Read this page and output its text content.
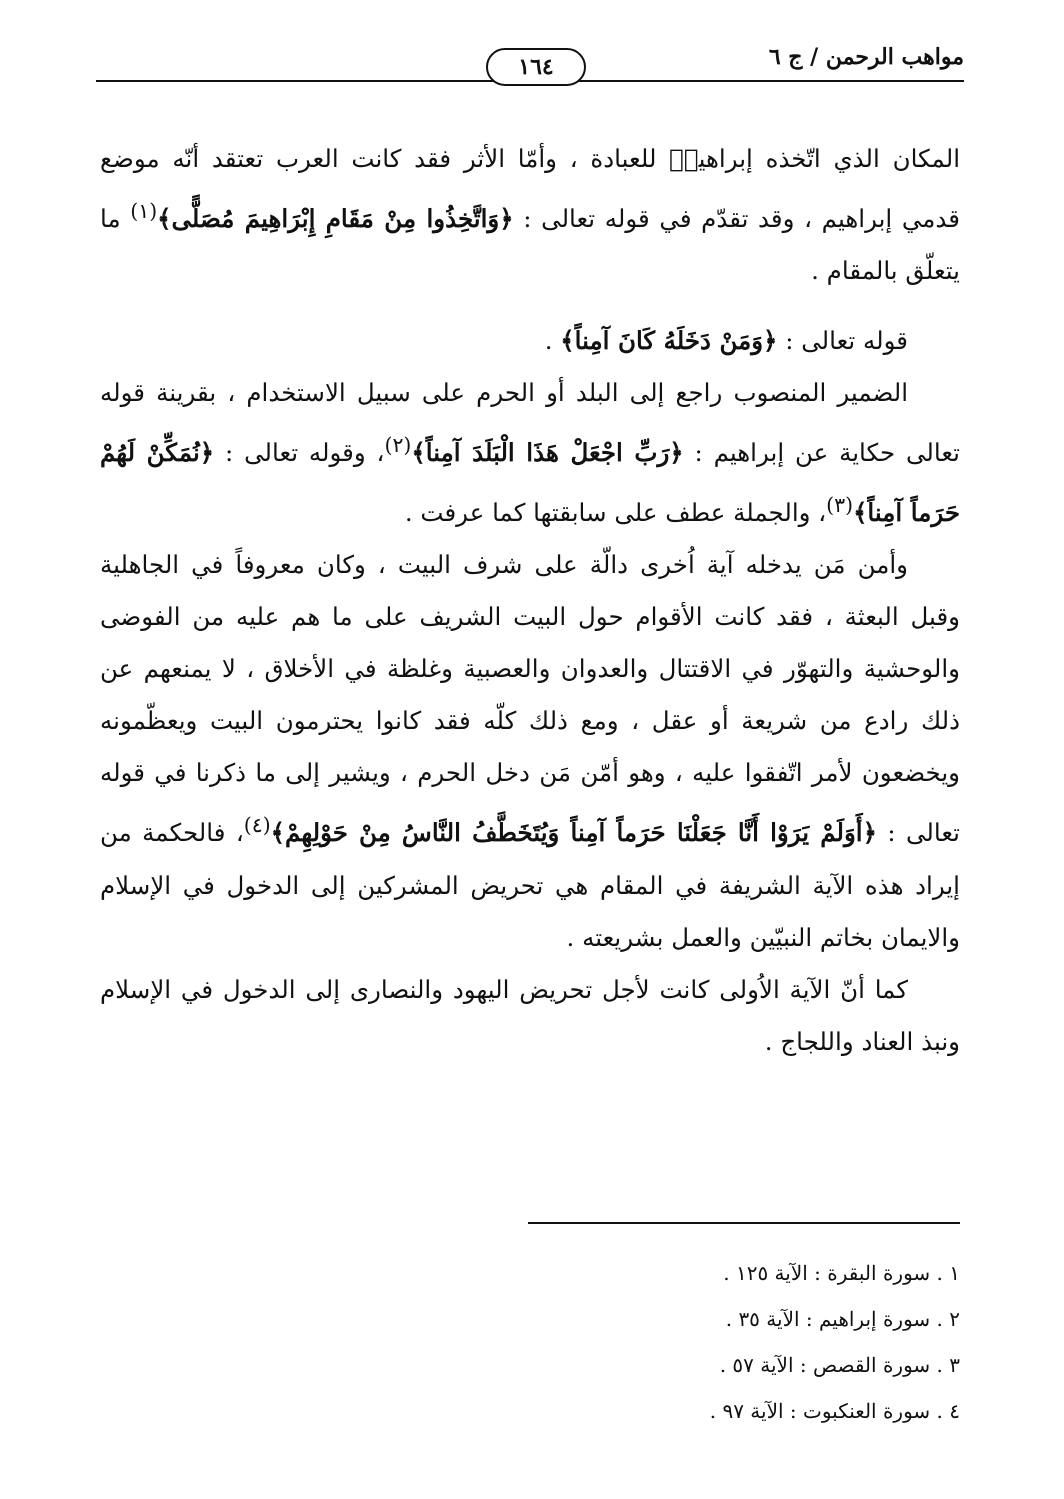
مواهب الرحمن / ج ٦
١٦٤

المكان الذي اتّخذه إبراهيمؐ للعبادة ، وأمّا الأثر فقد كانت العرب تعتقد أنّه موضع قدمي إبراهيم ، وقد تقدّم في قوله تعالى : ﴿وَاتَّخِذُوا مِنْ مَقَامِ إِبْرَاهِيمَ مُصَلًّى﴾$^{(١)}$ ما يتعلّق بالمقام .

قوله تعالى : ﴿وَمَنْ دَخَلَهُ كَانَ آمِناً﴾ .

الضمير المنصوب راجع إلى البلد أو الحرم على سبيل الاستخدام ، بقرينة قوله تعالى حكاية عن إبراهيم : ﴿رَبِّ اجْعَلْ هَذَا الْبَلَدَ آمِناً﴾$^{(٢)}$، وقوله تعالى : ﴿نُمَكِّنْ لَهُمْ حَرَماً آمِناً﴾$^{(٣)}$، والجملة عطف على سابقتها كما عرفت .

وأمن مَن يدخله آية اُخرى دالّة على شرف البيت ، وكان معروفاً في الجاهلية وقبل البعثة ، فقد كانت الأقوام حول البيت الشريف على ما هم عليه من الفوضى والوحشية والتهوّر في الاقتتال والعدوان والعصبية وغلظة في الأخلاق ، لا يمنعهم عن ذلك رادع من شريعة أو عقل ، ومع ذلك كلّه فقد كانوا يحترمون البيت ويعظّمونه ويخضعون لأمر اتّفقوا عليه ، وهو أمّن مَن دخل الحرم ، ويشير إلى ما ذكرنا في قوله تعالى : ﴿أَوَلَمْ يَرَوْا أَنَّا جَعَلْنَا حَرَماً آمِناً وَيُتَخَطَّفُ النَّاسُ مِنْ حَوْلِهِمْ﴾$^{(٤)}$، فالحكمة من إيراد هذه الآية الشريفة في المقام هي تحريض المشركين إلى الدخول في الإسلام والايمان بخاتم النبيّين والعمل بشريعته .

كما أنّ الآية الاُولى كانت لأجل تحريض اليهود والنصارى إلى الدخول في الإسلام ونبذ العناد واللجاج .

١ . سورة البقرة : الآية ١٢٥ .
٢ . سورة إبراهيم : الآية ٣٥ .
٣ . سورة القصص : الآية ٥٧ .
٤ . سورة العنكبوت : الآية ٩٧ .
